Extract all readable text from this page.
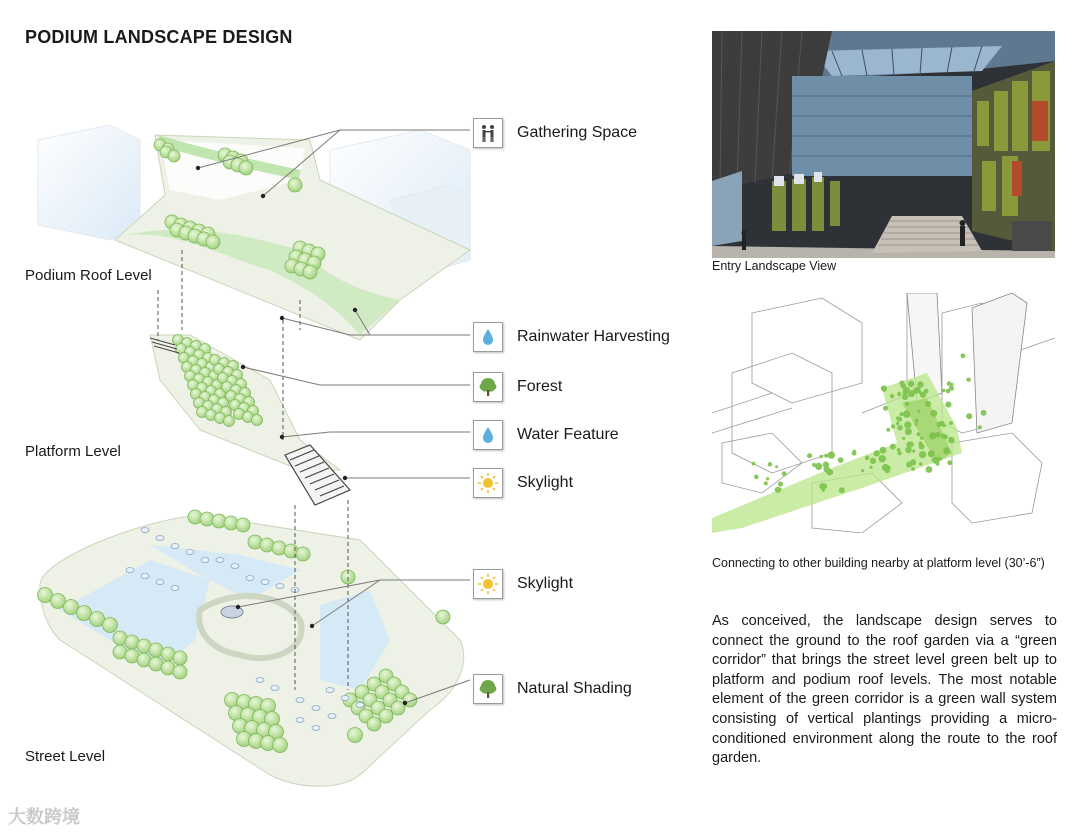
PODIUM LANDSCAPE DESIGN
Podium Roof Level
Platform Level
Street Level
Gathering Space
Rainwater Harvesting
Forest
Water Feature
Skylight
Skylight
Natural Shading
Entry Landscape View
Connecting to other building nearby at platform level (30’-6”)
As conceived, the landscape design serves to connect the ground to the roof garden via a “green corridor” that brings the street level green belt up to platform and podium roof levels. The most notable element of the green corridor is a green wall system consisting of vertical plantings providing a micro-conditioned environment along the route to the roof garden.
大数跨境
